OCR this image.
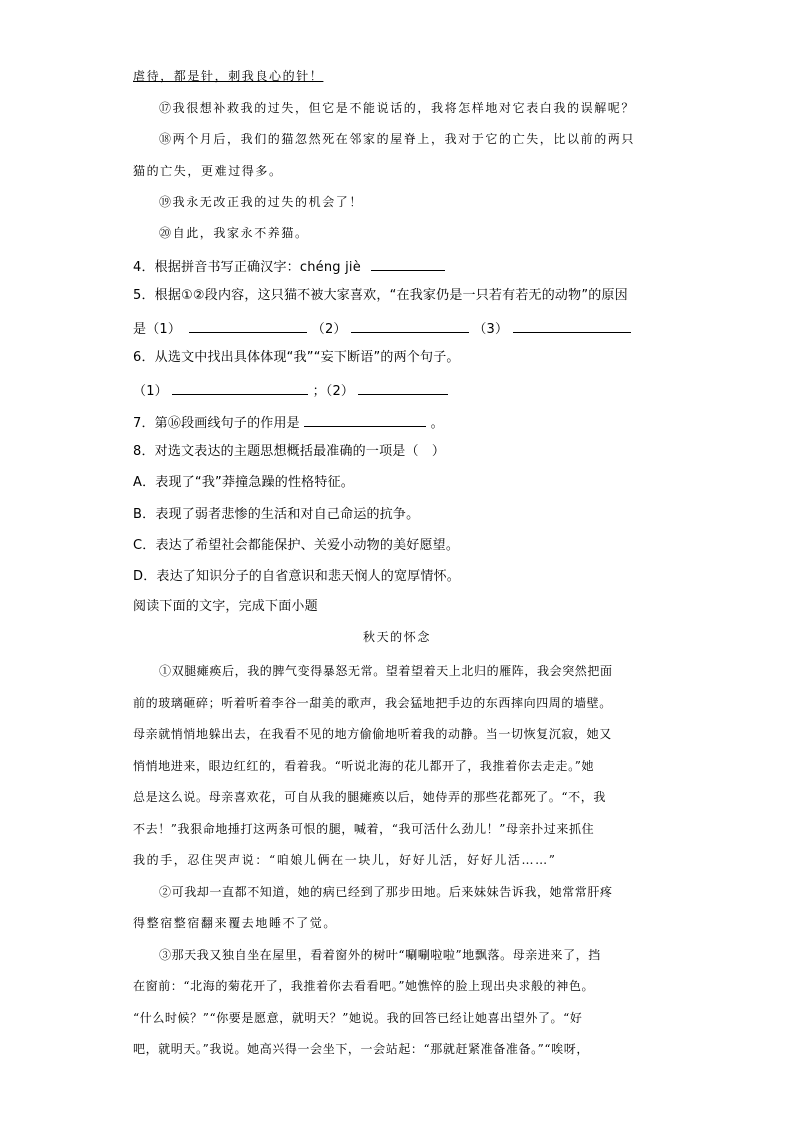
虐待，都是针，刺我良心的针！
⑰我很想补救我的过失，但它是不能说话的，我将怎样地对它表白我的误解呢？
⑱两个月后，我们的猫忽然死在邻家的屋脊上，我对于它的亡失，比以前的两只
猫的亡失，更难过得多。
⑲我永无改正我的过失的机会了！
⑳自此，我家永不养猫。
4．根据拼音书写正确汉字：chéng jiè
5．根据①②段内容，这只猫不被大家喜欢，“在我家仍是一只若有若无的动物”的原因
是（1）	（2）	（3）
6．从选文中找出具体体现“我”“妄下断语”的两个句子。
（1）	；（2）
7．第⑯段画线句子的作用是	。
8．对选文表达的主题思想概括最准确的一项是（　）
A．表现了“我”莽撞急躁的性格特征。
B．表现了弱者悲惨的生活和对自己命运的抗争。
C．表达了希望社会都能保护、关爱小动物的美好愿望。
D．表达了知识分子的自省意识和悲天悯人的宽厚情怀。
阅读下面的文字，完成下面小题
秋天的怀念
①双腿瘫痪后，我的脾气变得暴怒无常。望着望着天上北归的雁阵，我会突然把面
前的玻璃砸碎；听着听着李谷一甜美的歌声，我会猛地把手边的东西摔向四周的墙壁。
母亲就悄悄地躲出去，在我看不见的地方偷偷地听着我的动静。当一切恢复沉寂，她又
悄悄地进来，眼边红红的，看着我。“听说北海的花儿都开了，我推着你去走走。”她
总是这么说。母亲喜欢花，可自从我的腿瘫痪以后，她侍弄的那些花都死了。“不，我
不去！”我狠命地捶打这两条可恨的腿，喊着，“我可活什么劲儿！”母亲扑过来抓住
我的手，忍住哭声说：“咱娘儿俩在一块儿，好好儿活，好好儿活……”
②可我却一直都不知道，她的病已经到了那步田地。后来妹妹告诉我，她常常肝疼
得整宿整宿翻来覆去地睡不了觉。
③那天我又独自坐在屋里，看着窗外的树叶“唰唰啦啦”地飘落。母亲进来了，挡
在窗前：“北海的菊花开了，我推着你去看看吧。”她憔悴的脸上现出央求般的神色。
“什么时候？”“你要是愿意，就明天？”她说。我的回答已经让她喜出望外了。“好
吧，就明天。”我说。她高兴得一会坐下，一会站起：“那就赶紧准备准备。”“唉呀，
